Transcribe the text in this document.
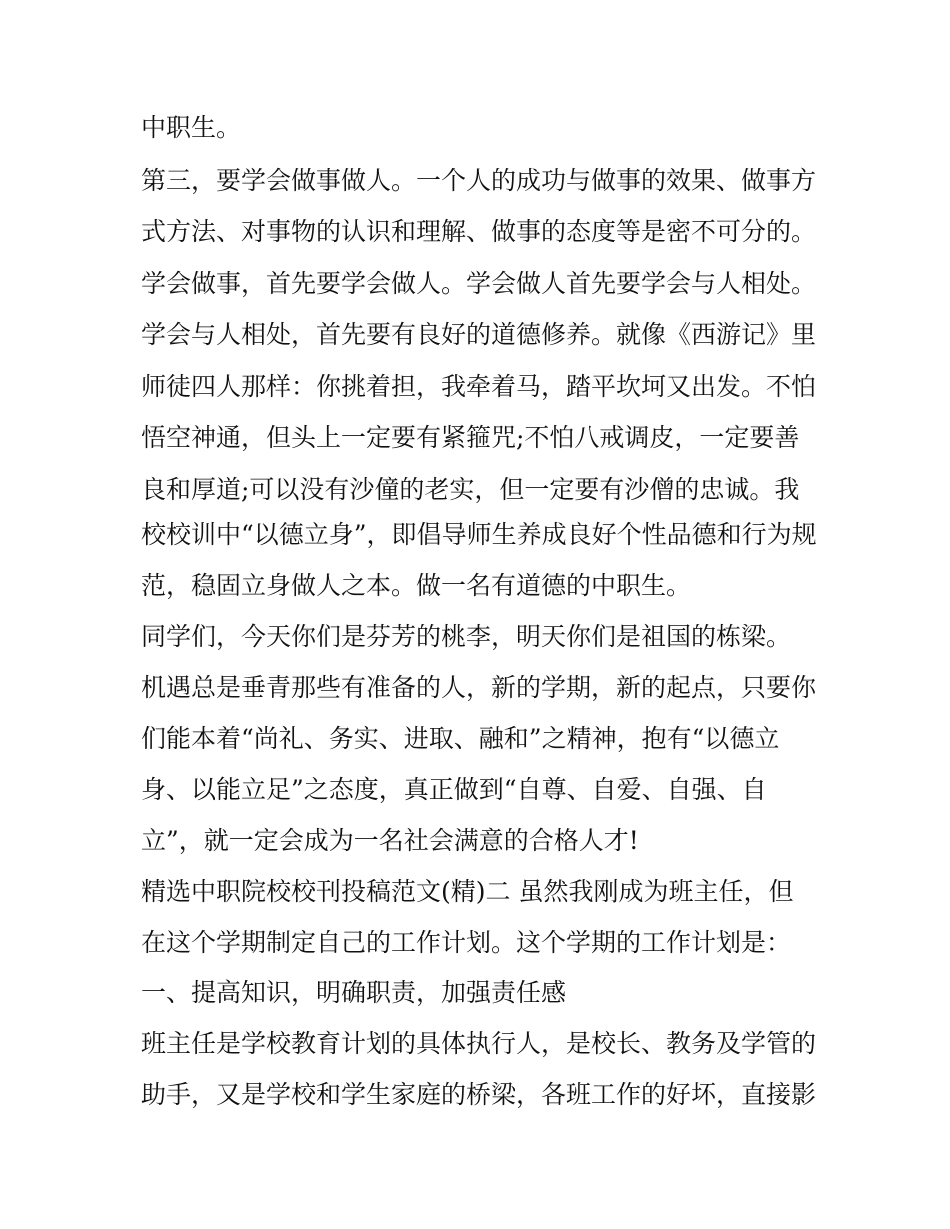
中职生。
第三，要学会做事做人。一个人的成功与做事的效果、做事方
式方法、对事物的认识和理解、做事的态度等是密不可分的。
学会做事，首先要学会做人。学会做人首先要学会与人相处。
学会与人相处，首先要有良好的道德修养。就像《西游记》里
师徒四人那样：你挑着担，我牵着马，踏平坎坷又出发。不怕
悟空神通，但头上一定要有紧箍咒;不怕八戒调皮，一定要善
良和厚道;可以没有沙僮的老实，但一定要有沙僧的忠诚。我
校校训中“以德立身”，即倡导师生养成良好个性品德和行为规
范，稳固立身做人之本。做一名有道德的中职生。
同学们，今天你们是芬芳的桃李，明天你们是祖国的栋梁。
机遇总是垂青那些有准备的人，新的学期，新的起点，只要你
们能本着“尚礼、务实、进取、融和”之精神，抱有“以德立
身、以能立足”之态度，真正做到“自尊、自爱、自强、自
立”，就一定会成为一名社会满意的合格人才!
精选中职院校校刊投稿范文(精)二 虽然我刚成为班主任，但
在这个学期制定自己的工作计划。这个学期的工作计划是：
一、提高知识，明确职责，加强责任感
班主任是学校教育计划的具体执行人，是校长、教务及学管的
助手，又是学校和学生家庭的桥梁，各班工作的好坏，直接影
